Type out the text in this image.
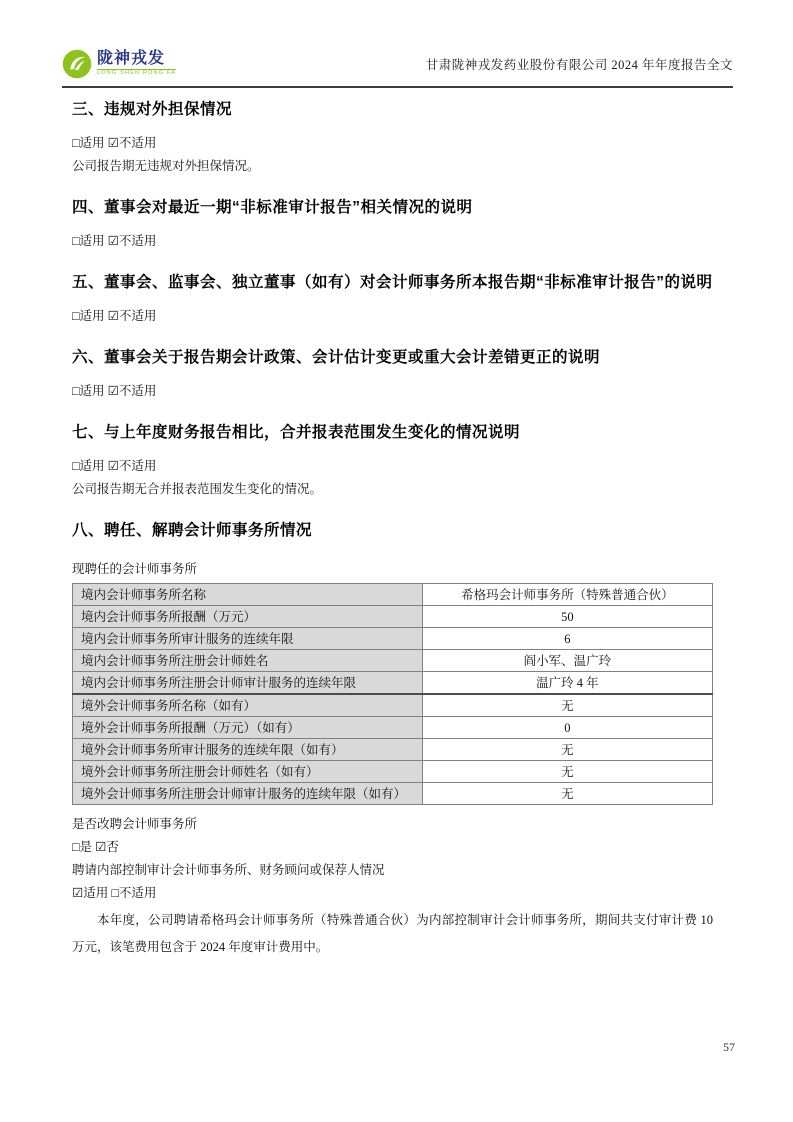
陇神戎发
LONG SHEN RONG FA
甘肃陇神戎发药业股份有限公司 2024 年年度报告全文
三、违规对外担保情况
□适用 ☑不适用
公司报告期无违规对外担保情况。
四、董事会对最近一期“非标准审计报告”相关情况的说明
□适用 ☑不适用
五、董事会、监事会、独立董事（如有）对会计师事务所本报告期“非标准审计报告”的说明
□适用 ☑不适用
六、董事会关于报告期会计政策、会计估计变更或重大会计差错更正的说明
□适用 ☑不适用
七、与上年度财务报告相比，合并报表范围发生变化的情况说明
□适用 ☑不适用
公司报告期无合并报表范围发生变化的情况。
八、聘任、解聘会计师事务所情况
现聘任的会计师事务所
境内会计师事务所名称	希格玛会计师事务所（特殊普通合伙）
境内会计师事务所报酬（万元）	50
境内会计师事务所审计服务的连续年限	6
境内会计师事务所注册会计师姓名	阎小军、温广玲
境内会计师事务所注册会计师审计服务的连续年限	温广玲 4 年
境外会计师事务所名称（如有）	无
境外会计师事务所报酬（万元）（如有）	0
境外会计师事务所审计服务的连续年限（如有）	无
境外会计师事务所注册会计师姓名（如有）	无
境外会计师事务所注册会计师审计服务的连续年限（如有）	无
是否改聘会计师事务所
□是 ☑否
聘请内部控制审计会计师事务所、财务顾问或保荐人情况
☑适用 □不适用
本年度，公司聘请希格玛会计师事务所（特殊普通合伙）为内部控制审计会计师事务所，期间共支付审计费 10 万元，该笔费用包含于 2024 年度审计费用中。
57
